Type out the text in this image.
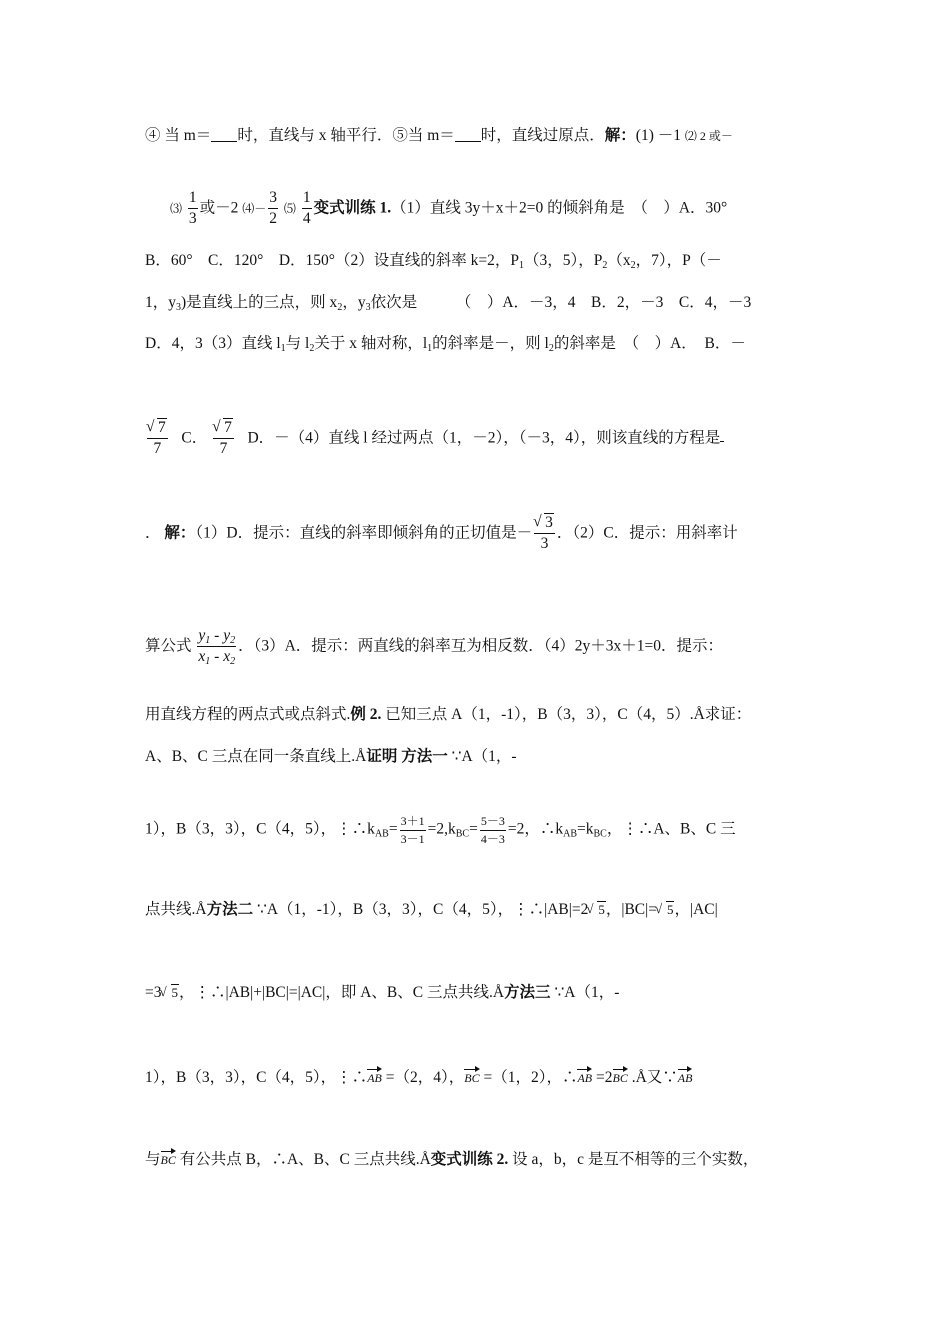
④ 当 m＝ 时，直线与 x 轴平行．⑤当 m＝ 时，直线过原点．解：(1) －1 ⑵ 2 或－
⑶ $\frac{1}{3}$ 或－2 ⑷－ $\frac{3}{2}$ ⑸ $\frac{1}{4}$ 变式训练 1.（1）直线 3y＋x＋2=0 的倾斜角是　（　）A．30°
B．60°　C．120°　D．150°（2）设直线的斜率 k=2，$P_1(3$，5），$P_2(x_2$，7），P（－
1，$y_3$)是直线上的三点，则 $x_2$，$y_3$依次是　　　（　）A．－3，4　B．2，－3　C．4，－3
D．4，3（3）直线 $l_1$与 $l_2$关于 x 轴对称，$l_1$的斜率是－，则 $l_2$的斜率是　（　）A．　B．－
√ $\frac{7}{7}$ C． √ $\frac{7}{7}$ D．－（4）直线 l 经过两点（1，－2），（－3，4），则该直线的方程是
． 解：（1）D．提示：直线的斜率即倾斜角的正切值是－ √ $\frac{3}{3}$ ．（2）C．提示：用斜率计
算公式 $\frac{y_1 - y_2}{x_1 - x_2}$ ．（3）A．提示：两直线的斜率互为相反数．（4）2y＋3x＋1=0．提示：
用直线方程的两点式或点斜式.例 2. 已知三点 A（1，-1），B（3，3），C（4，5）.Å求证：
A、B、C 三点在同一条直线上.Å证明 方法一 ∵A（1，-
1），B（3，3），C（4，5），$⋮\therefore k_{AB}= \frac{3+1}{3-1} =2,k_{BC}= \frac{5-3}{4-3} =2$，$\therefore k_{AB}=k_{BC}$，⋮∴A、B、C 三
点共线.Å方法二 ∵A（1，-1），B（3，3），C（4，5），⋮∴|AB|=2 √ 5，|BC|= √ 5，|AC|
=3 √ 5，⋮∴|AB|+|BC|=|AC|，即 A、B、C 三点共线.Å方法三 ∵A（1，-
1），B（3，3），C（4，5），⋮∴AB =（2，4），BC =（1，2），∴AB =2BC .Å又∵AB
与BC 有公共点 B，∴A、B、C 三点共线.Å变式训练 2. 设 a，b，c 是互不相等的三个实数，
